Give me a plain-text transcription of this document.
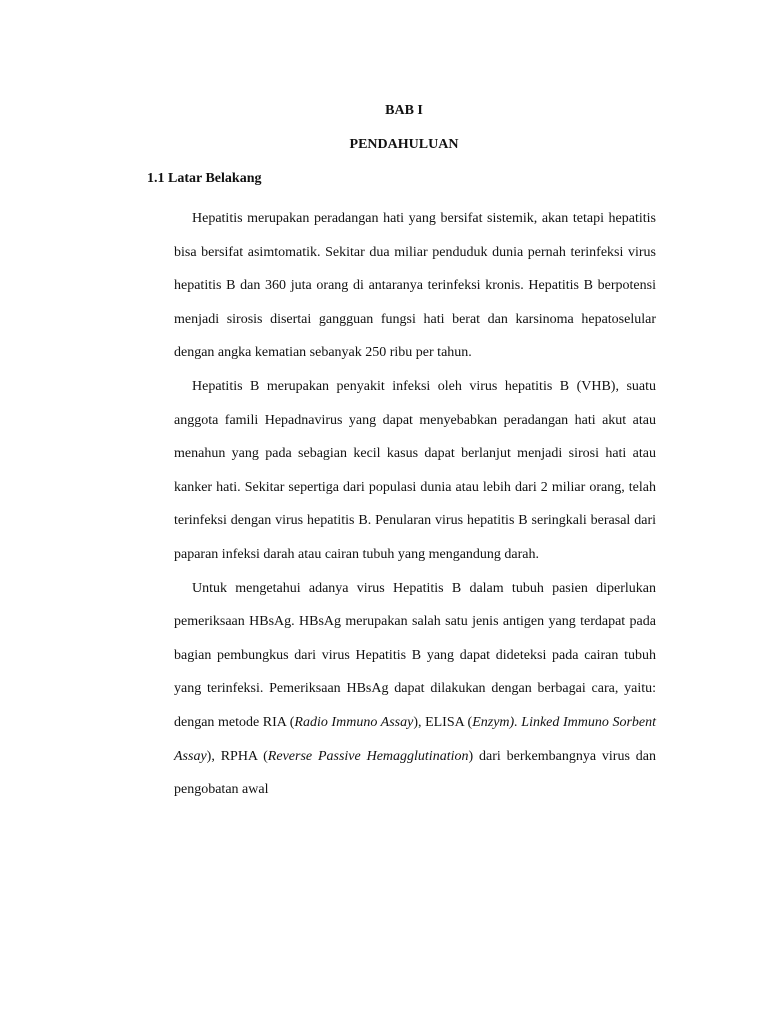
BAB I
PENDAHULUAN
1.1 Latar Belakang

Hepatitis merupakan peradangan hati yang bersifat sistemik, akan tetapi hepatitis bisa bersifat asimtomatik. Sekitar dua miliar penduduk dunia pernah terinfeksi virus hepatitis B dan 360 juta orang di antaranya terinfeksi kronis. Hepatitis B berpotensi menjadi sirosis disertai gangguan fungsi hati berat dan karsinoma hepatoselular dengan angka kematian sebanyak 250 ribu per tahun.

Hepatitis B merupakan penyakit infeksi oleh virus hepatitis B (VHB), suatu anggota famili Hepadnavirus yang dapat menyebabkan peradangan hati akut atau menahun yang pada sebagian kecil kasus dapat berlanjut menjadi sirosi hati atau kanker hati. Sekitar sepertiga dari populasi dunia atau lebih dari 2 miliar orang, telah terinfeksi dengan virus hepatitis B. Penularan virus hepatitis B seringkali berasal dari paparan infeksi darah atau cairan tubuh yang mengandung darah.

Untuk mengetahui adanya virus Hepatitis B dalam tubuh pasien diperlukan pemeriksaan HBsAg. HBsAg merupakan salah satu jenis antigen yang terdapat pada bagian pembungkus dari virus Hepatitis B yang dapat dideteksi pada cairan tubuh yang terinfeksi. Pemeriksaan HBsAg dapat dilakukan dengan berbagai cara, yaitu: dengan metode RIA (Radio Immuno Assay), ELISA (Enzym). Linked Immuno Sorbent Assay), RPHA (Reverse Passive Hemagglutination) dari berkembangnya virus dan pengobatan awal
